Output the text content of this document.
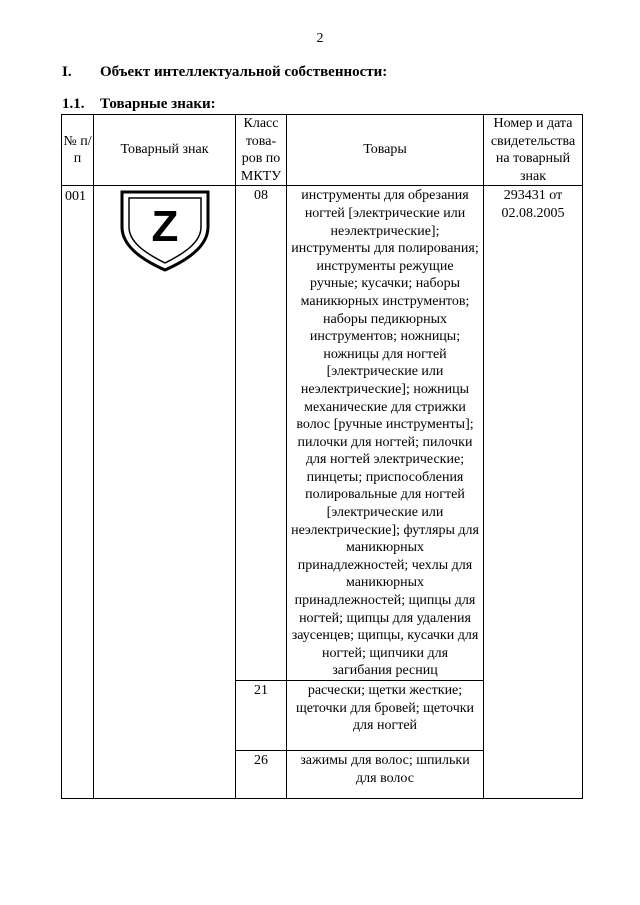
2
I. Объект интеллектуальной собственности:
1.1. Товарные знаки:
№ п/п	Товарный знак	Класс това-ров по МКТУ	Товары	Номер и дата свидетельства на товарный знак
001	Z	08	инструменты для обрезания ногтей [электрические или неэлектрические]; инструменты для полирования; инструменты режущие ручные; кусачки; наборы маникюрных инструментов; наборы педикюрных инструментов; ножницы; ножницы для ногтей [электрические или неэлектрические]; ножницы механические для стрижки волос [ручные инструменты]; пилочки для ногтей; пилочки для ногтей электрические; пинцеты; приспособления полировальные для ногтей [электрические или неэлектрические]; футляры для маникюрных принадлежностей; чехлы для маникюрных принадлежностей; щипцы для ногтей; щипцы для удаления заусенцев; щипцы, кусачки для ногтей; щипчики для загибания ресниц	293431 от 02.08.2005
		21	расчески; щетки жесткие; щеточки для бровей; щеточки для ногтей	
		26	зажимы для волос; шпильки для волос	
